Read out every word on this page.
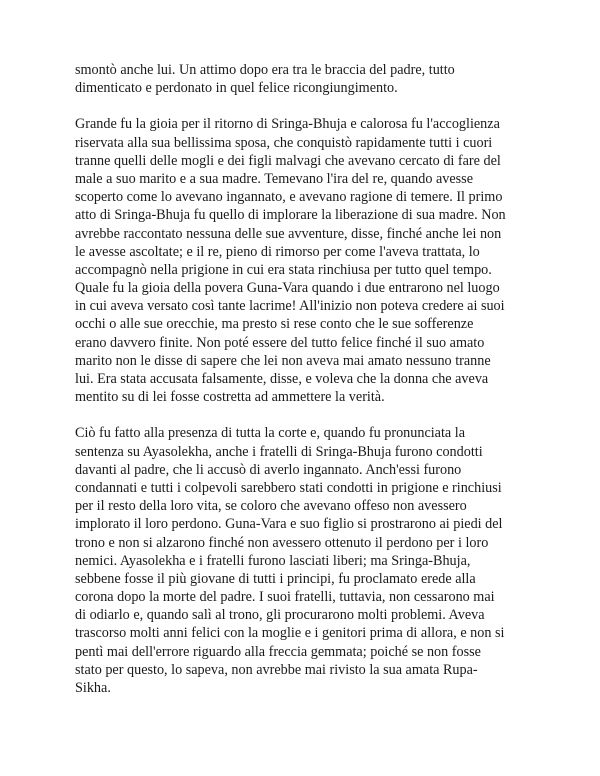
smontò anche lui. Un attimo dopo era tra le braccia del padre, tutto
dimenticato e perdonato in quel felice ricongiungimento.
Grande fu la gioia per il ritorno di Sringa-Bhuja e calorosa fu l'accoglienza
riservata alla sua bellissima sposa, che conquistò rapidamente tutti i cuori
tranne quelli delle mogli e dei figli malvagi che avevano cercato di fare del
male a suo marito e a sua madre. Temevano l'ira del re, quando avesse
scoperto come lo avevano ingannato, e avevano ragione di temere. Il primo
atto di Sringa-Bhuja fu quello di implorare la liberazione di sua madre. Non
avrebbe raccontato nessuna delle sue avventure, disse, finché anche lei non
le avesse ascoltate; e il re, pieno di rimorso per come l'aveva trattata, lo
accompagnò nella prigione in cui era stata rinchiusa per tutto quel tempo.
Quale fu la gioia della povera Guna-Vara quando i due entrarono nel luogo
in cui aveva versato così tante lacrime! All'inizio non poteva credere ai suoi
occhi o alle sue orecchie, ma presto si rese conto che le sue sofferenze
erano davvero finite. Non poté essere del tutto felice finché il suo amato
marito non le disse di sapere che lei non aveva mai amato nessuno tranne
lui. Era stata accusata falsamente, disse, e voleva che la donna che aveva
mentito su di lei fosse costretta ad ammettere la verità.
Ciò fu fatto alla presenza di tutta la corte e, quando fu pronunciata la
sentenza su Ayasolekha, anche i fratelli di Sringa-Bhuja furono condotti
davanti al padre, che li accusò di averlo ingannato. Anch'essi furono
condannati e tutti i colpevoli sarebbero stati condotti in prigione e rinchiusi
per il resto della loro vita, se coloro che avevano offeso non avessero
implorato il loro perdono. Guna-Vara e suo figlio si prostrarono ai piedi del
trono e non si alzarono finché non avessero ottenuto il perdono per i loro
nemici. Ayasolekha e i fratelli furono lasciati liberi; ma Sringa-Bhuja,
sebbene fosse il più giovane di tutti i principi, fu proclamato erede alla
corona dopo la morte del padre. I suoi fratelli, tuttavia, non cessarono mai
di odiarlo e, quando salì al trono, gli procurarono molti problemi. Aveva
trascorso molti anni felici con la moglie e i genitori prima di allora, e non si
pentì mai dell'errore riguardo alla freccia gemmata; poiché se non fosse
stato per questo, lo sapeva, non avrebbe mai rivisto la sua amata Rupa-
Sikha.
